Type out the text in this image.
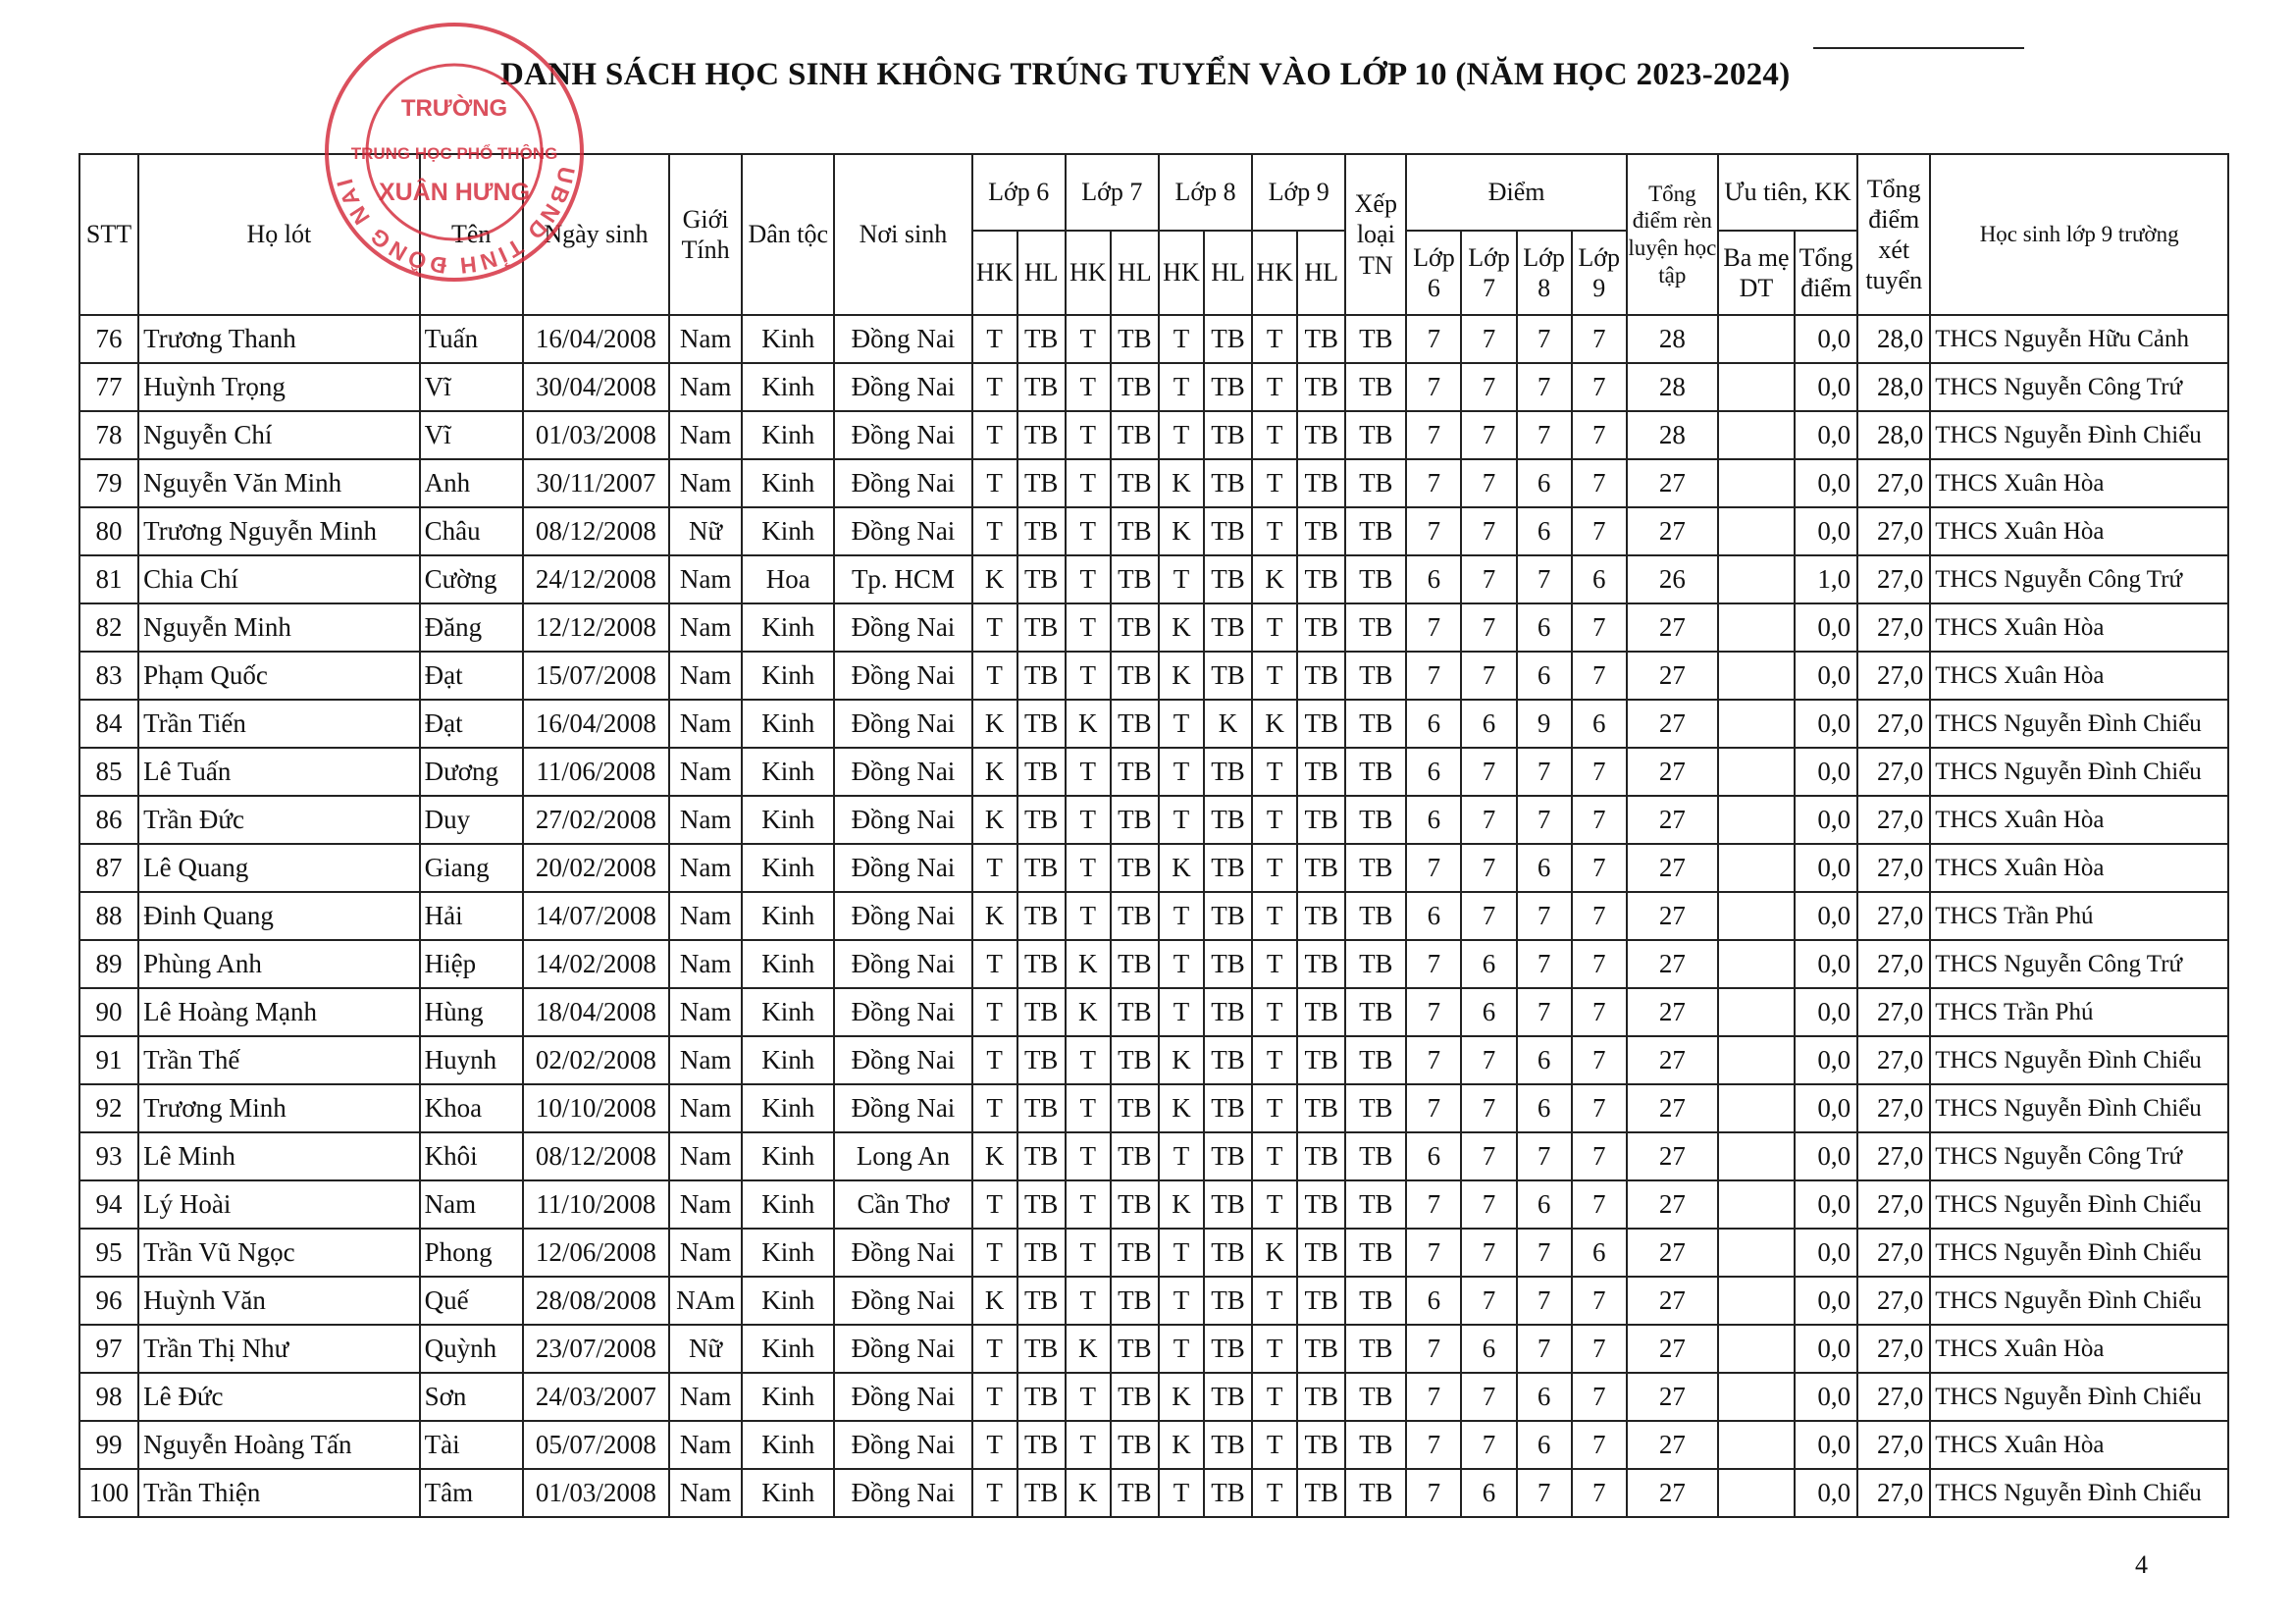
DANH SÁCH HỌC SINH KHÔNG TRÚNG TUYỂN VÀO LỚP 10 (NĂM HỌC 2023-2024)
STT	Họ lót	Tên	Ngày sinh	Giới Tính	Dân tộc	Nơi sinh	Lớp 6		Lớp 7		Lớp 8		Lớp 9		Xếp loại TN	Điểm				Tổng điểm rèn luyện học tập	Ưu tiên, KK		Tổng điểm xét tuyển	Học sinh lớp 9 trường
							HK	HL	HK	HL	HK	HL	HK	HL		Lớp 6	Lớp 7	Lớp 8	Lớp 9		Ba mẹ DT	Tổng điểm		
76	Trương Thanh	Tuấn	16/04/2008	Nam	Kinh	Đồng Nai	T	TB	T	TB	T	TB	T	TB	TB	7	7	7	7	28		0,0	28,0	THCS Nguyễn Hữu Cảnh
77	Huỳnh Trọng	Vĩ	30/04/2008	Nam	Kinh	Đồng Nai	T	TB	T	TB	T	TB	T	TB	TB	7	7	7	7	28		0,0	28,0	THCS Nguyễn Công Trứ
78	Nguyễn Chí	Vĩ	01/03/2008	Nam	Kinh	Đồng Nai	T	TB	T	TB	T	TB	T	TB	TB	7	7	7	7	28		0,0	28,0	THCS Nguyễn Đình Chiểu
79	Nguyễn Văn Minh	Anh	30/11/2007	Nam	Kinh	Đồng Nai	T	TB	T	TB	K	TB	T	TB	TB	7	7	6	7	27		0,0	27,0	THCS Xuân Hòa
80	Trương Nguyễn Minh	Châu	08/12/2008	Nữ	Kinh	Đồng Nai	T	TB	T	TB	K	TB	T	TB	TB	7	7	6	7	27		0,0	27,0	THCS Xuân Hòa
81	Chia Chí	Cường	24/12/2008	Nam	Hoa	Tp. HCM	K	TB	T	TB	T	TB	K	TB	TB	6	7	7	6	26		1,0	27,0	THCS Nguyễn Công Trứ
82	Nguyễn Minh	Đăng	12/12/2008	Nam	Kinh	Đồng Nai	T	TB	T	TB	K	TB	T	TB	TB	7	7	6	7	27		0,0	27,0	THCS Xuân Hòa
83	Phạm Quốc	Đạt	15/07/2008	Nam	Kinh	Đồng Nai	T	TB	T	TB	K	TB	T	TB	TB	7	7	6	7	27		0,0	27,0	THCS Xuân Hòa
84	Trần Tiến	Đạt	16/04/2008	Nam	Kinh	Đồng Nai	K	TB	K	TB	T	K	K	TB	TB	6	6	9	6	27		0,0	27,0	THCS Nguyễn Đình Chiểu
85	Lê Tuấn	Dương	11/06/2008	Nam	Kinh	Đồng Nai	K	TB	T	TB	T	TB	T	TB	TB	6	7	7	7	27		0,0	27,0	THCS Nguyễn Đình Chiểu
86	Trần Đức	Duy	27/02/2008	Nam	Kinh	Đồng Nai	K	TB	T	TB	T	TB	T	TB	TB	6	7	7	7	27		0,0	27,0	THCS Xuân Hòa
87	Lê Quang	Giang	20/02/2008	Nam	Kinh	Đồng Nai	T	TB	T	TB	K	TB	T	TB	TB	7	7	6	7	27		0,0	27,0	THCS Xuân Hòa
88	Đinh Quang	Hải	14/07/2008	Nam	Kinh	Đồng Nai	K	TB	T	TB	T	TB	T	TB	TB	6	7	7	7	27		0,0	27,0	THCS Trần Phú
89	Phùng Anh	Hiệp	14/02/2008	Nam	Kinh	Đồng Nai	T	TB	K	TB	T	TB	T	TB	TB	7	6	7	7	27		0,0	27,0	THCS Nguyễn Công Trứ
90	Lê Hoàng Mạnh	Hùng	18/04/2008	Nam	Kinh	Đồng Nai	T	TB	K	TB	T	TB	T	TB	TB	7	6	7	7	27		0,0	27,0	THCS Trần Phú
91	Trần Thế	Huynh	02/02/2008	Nam	Kinh	Đồng Nai	T	TB	T	TB	K	TB	T	TB	TB	7	7	6	7	27		0,0	27,0	THCS Nguyễn Đình Chiểu
92	Trương Minh	Khoa	10/10/2008	Nam	Kinh	Đồng Nai	T	TB	T	TB	K	TB	T	TB	TB	7	7	6	7	27		0,0	27,0	THCS Nguyễn Đình Chiểu
93	Lê Minh	Khôi	08/12/2008	Nam	Kinh	Long An	K	TB	T	TB	T	TB	T	TB	TB	6	7	7	7	27		0,0	27,0	THCS Nguyễn Công Trứ
94	Lý Hoài	Nam	11/10/2008	Nam	Kinh	Cần Thơ	T	TB	T	TB	K	TB	T	TB	TB	7	7	6	7	27		0,0	27,0	THCS Nguyễn Đình Chiểu
95	Trần Vũ Ngọc	Phong	12/06/2008	Nam	Kinh	Đồng Nai	T	TB	T	TB	T	TB	K	TB	TB	7	7	7	6	27		0,0	27,0	THCS Nguyễn Đình Chiểu
96	Huỳnh Văn	Quế	28/08/2008	NAm	Kinh	Đồng Nai	K	TB	T	TB	T	TB	T	TB	TB	6	7	7	7	27		0,0	27,0	THCS Nguyễn Đình Chiểu
97	Trần Thị Như	Quỳnh	23/07/2008	Nữ	Kinh	Đồng Nai	T	TB	K	TB	T	TB	T	TB	TB	7	6	7	7	27		0,0	27,0	THCS Xuân Hòa
98	Lê Đức	Sơn	24/03/2007	Nam	Kinh	Đồng Nai	T	TB	T	TB	K	TB	T	TB	TB	7	7	6	7	27		0,0	27,0	THCS Nguyễn Đình Chiểu
99	Nguyễn Hoàng Tấn	Tài	05/07/2008	Nam	Kinh	Đồng Nai	T	TB	T	TB	K	TB	T	TB	TB	7	7	6	7	27		0,0	27,0	THCS Xuân Hòa
100	Trần Thiện	Tâm	01/03/2008	Nam	Kinh	Đồng Nai	T	TB	K	TB	T	TB	T	TB	TB	7	6	7	7	27		0,0	27,0	THCS Nguyễn Đình Chiểu
UBND TỈNH ĐỒNG NAI
TRƯỜNG
TRUNG HỌC PHỔ THÔNG
XUÂN HƯNG
4
